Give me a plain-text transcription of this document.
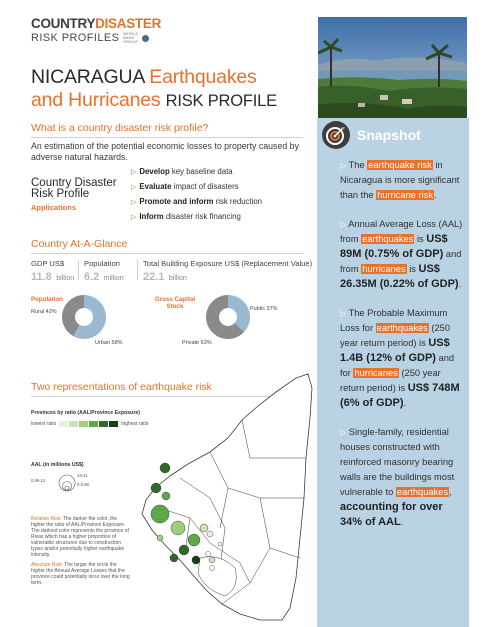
COUNTRYDISASTER
RISK PROFILES WORLD BANK GROUP
NICARAGUA Earthquakes
and Hurricanes RISK PROFILE
Snapshot

▷ The earthquake risk in Nicaragua is more significant than the hurricane risk.

▷ Annual Average Loss (AAL) from earthquakes is US$ 89M (0.75% of GDP) and from hurricanes is US$ 26.35M (0.22% of GDP).

▷ The Probable Maximum Loss for earthquakes (250 year return period) is US$ 1.4B (12% of GDP) and for hurricanes (250 year return period) is US$ 748M (6% of GDP).

▷ Single-family, residential houses constructed with reinforced masonry bearing walls are the buildings most vulnerable to earthquakes, accounting for over 34% of AAL.

What is a country disaster risk profile?
An estimation of the potential economic losses to property caused by adverse natural hazards.
Country Disaster
Risk Profile
Applications
▷ Develop key baseline data
▷ Evaluate impact of disasters
▷ Promote and inform risk reduction
▷ Inform disaster risk financing
Country At-A-Glance
GDP US$
11.8 billion
Population
6.2 million
Total Building Exposure US$ (Replacement Value)
22.1 billion
Population
Rural 42%
Urban 58%
Gross Capital
Stock	Public 37%
Private 63%
Two representations of earthquake risk
Provinces by ratio (AAL/Province Exposure)
lowest ratio	highest ratio
AAL (in millions US$)
0.99-12
13-41
0-0.98

Relative Risk: The darker the color, the higher the ratio of AAL/Province Exposure. The darkest color represents the province of Rivas which has a higher proportion of vulnerable structures due to construction types and/or potentially higher earthquake intensity.

Absolute Risk: The larger the circle the higher the Annual Average Losses that the province could potentially incur over the long term.
